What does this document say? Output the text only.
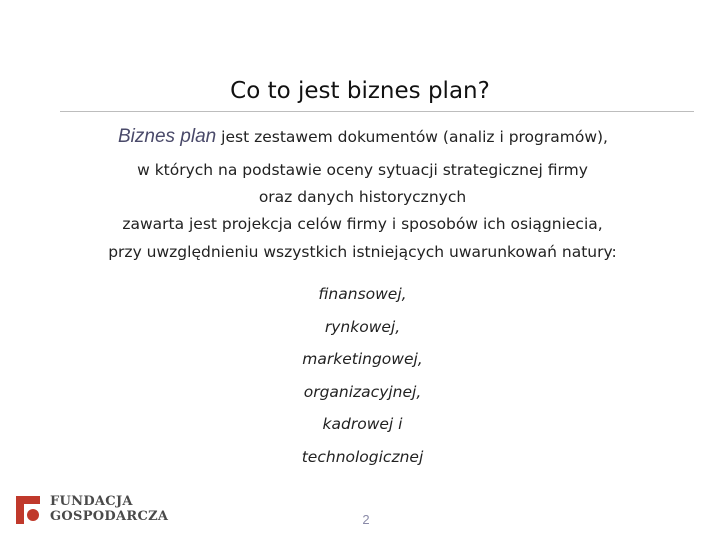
Co to jest biznes plan?
Biznes plan jest zestawem dokumentów (analiz i programów),
w których na podstawie oceny sytuacji strategicznej firmy
oraz danych historycznych
zawarta jest projekcja celów firmy i sposobów ich osiągniecia,
przy uwzględnieniu wszystkich istniejących uwarunkowań natury:
finansowej,
rynkowej,
marketingowej,
organizacyjnej,
kadrowej i
technologicznej
FUNDACJA
GOSPODARCZA	2
